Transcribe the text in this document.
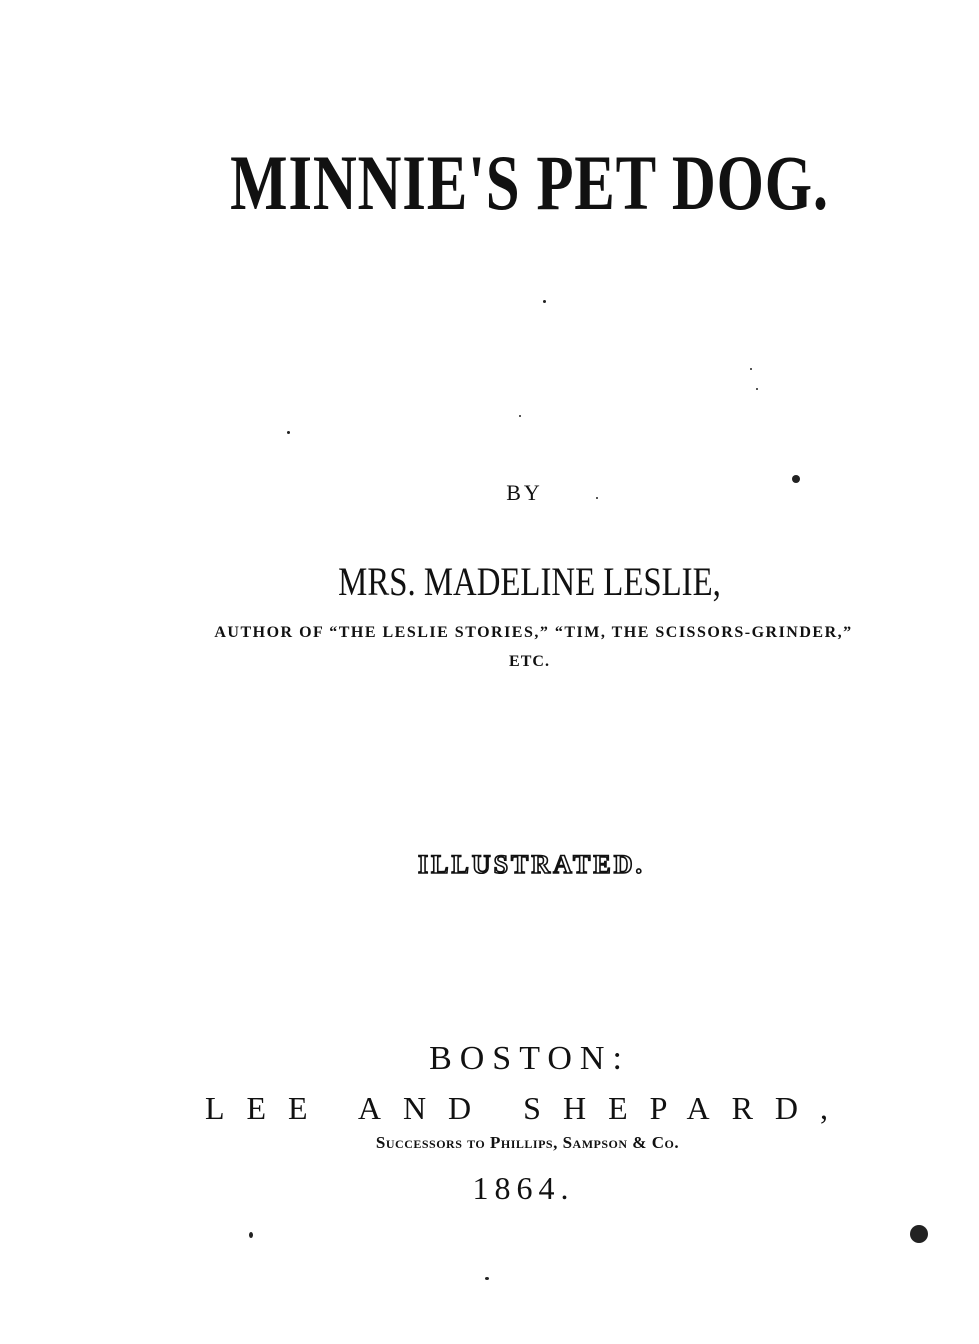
MINNIE'S PET DOG.
BY
MRS. MADELINE LESLIE,
AUTHOR OF “THE LESLIE STORIES,” “TIM, THE SCISSORS-GRINDER,”
ETC.
ILLUSTRATED.
BOSTON:
LEE AND SHEPARD,
Successors to Phillips, Sampson & Co.
1864.
